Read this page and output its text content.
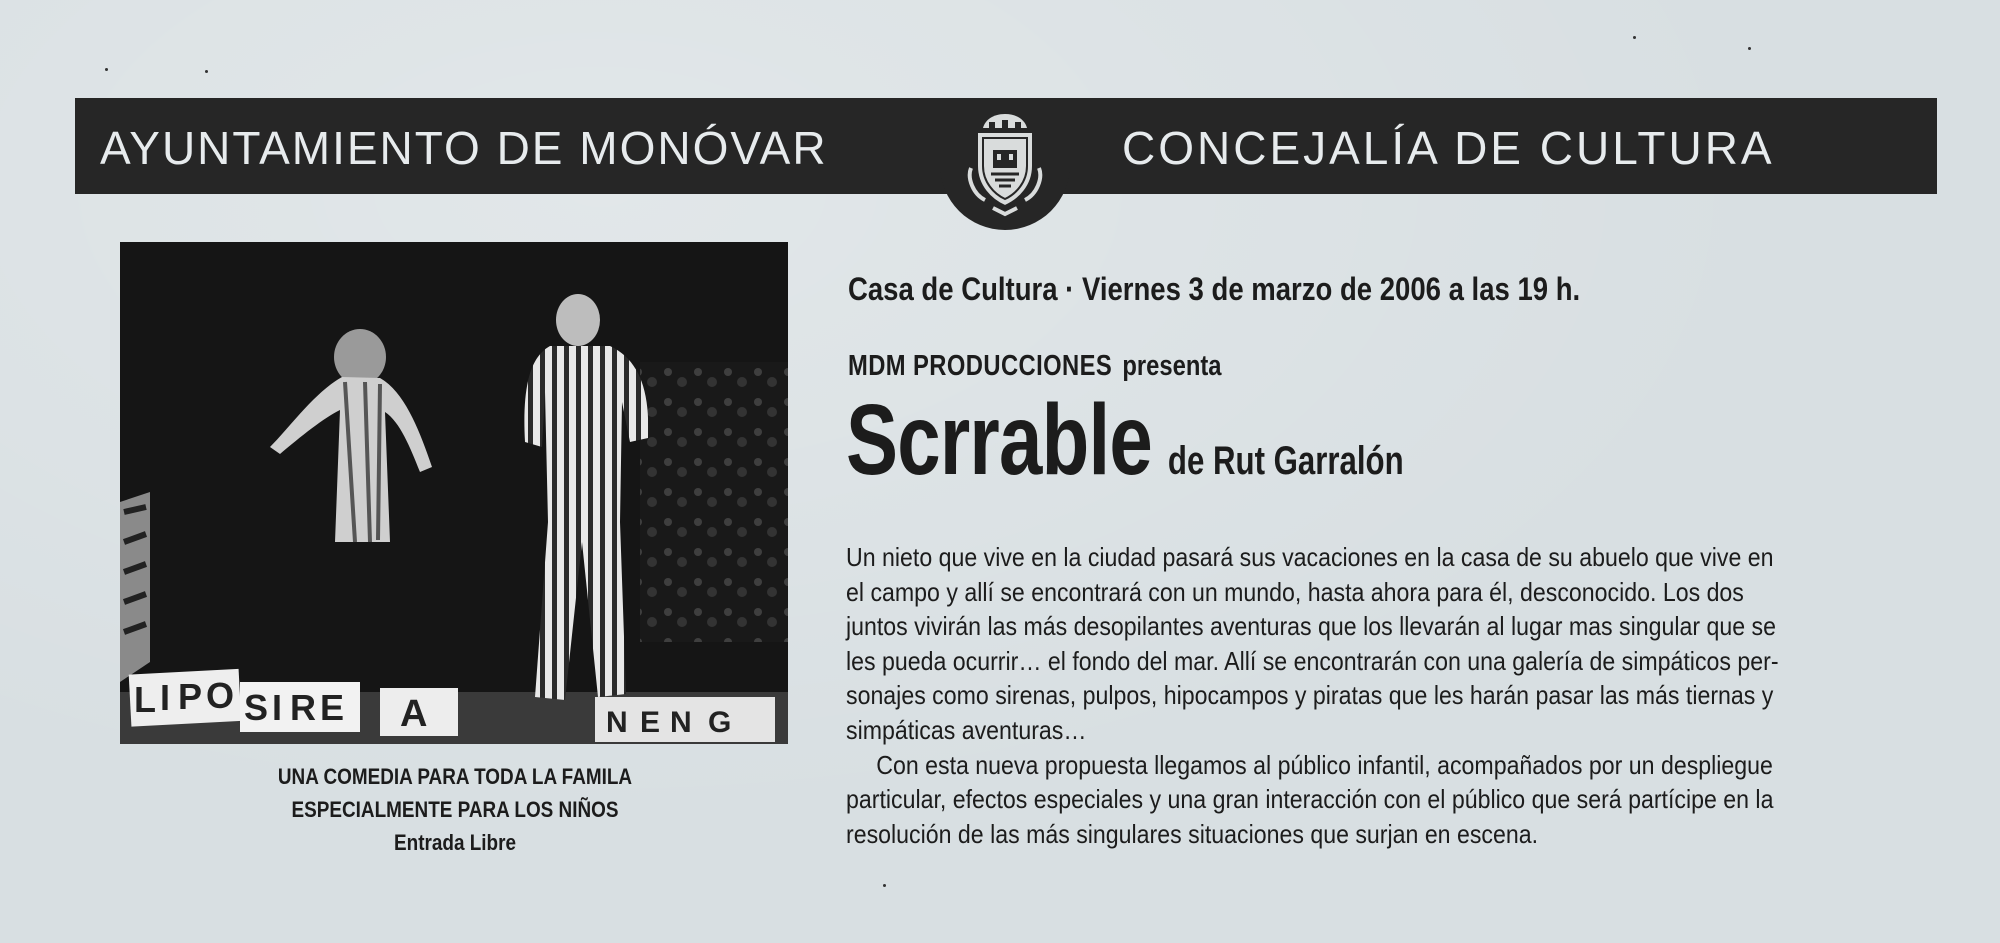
AYUNTAMIENTO DE MONÓVAR	CONCEJALÍA DE CULTURA
L I P O S I R E A	N E N G
UNA COMEDIA PARA TODA LA FAMILA
ESPECIALMENTE PARA LOS NIÑOS
Entrada Libre
Casa de Cultura · Viernes 3 de marzo de 2006 a las 19 h.
MDM PRODUCCIONES presenta
Scrrable de Rut Garralón
Un nieto que vive en la ciudad pasará sus vacaciones en la casa de su abuelo que vive en
el campo y allí se encontrará con un mundo, hasta ahora para él, desconocido. Los dos
juntos vivirán las más desopilantes aventuras que los llevarán al lugar mas singular que se
les pueda ocurrir… el fondo del mar. Allí se encontrarán con una galería de simpáticos per-
sonajes como sirenas, pulpos, hipocampos y piratas que les harán pasar las más tiernas y
simpáticas aventuras…
Con esta nueva propuesta llegamos al público infantil, acompañados por un despliegue
particular, efectos especiales y una gran interacción con el público que será partícipe en la
resolución de las más singulares situaciones que surjan en escena.
